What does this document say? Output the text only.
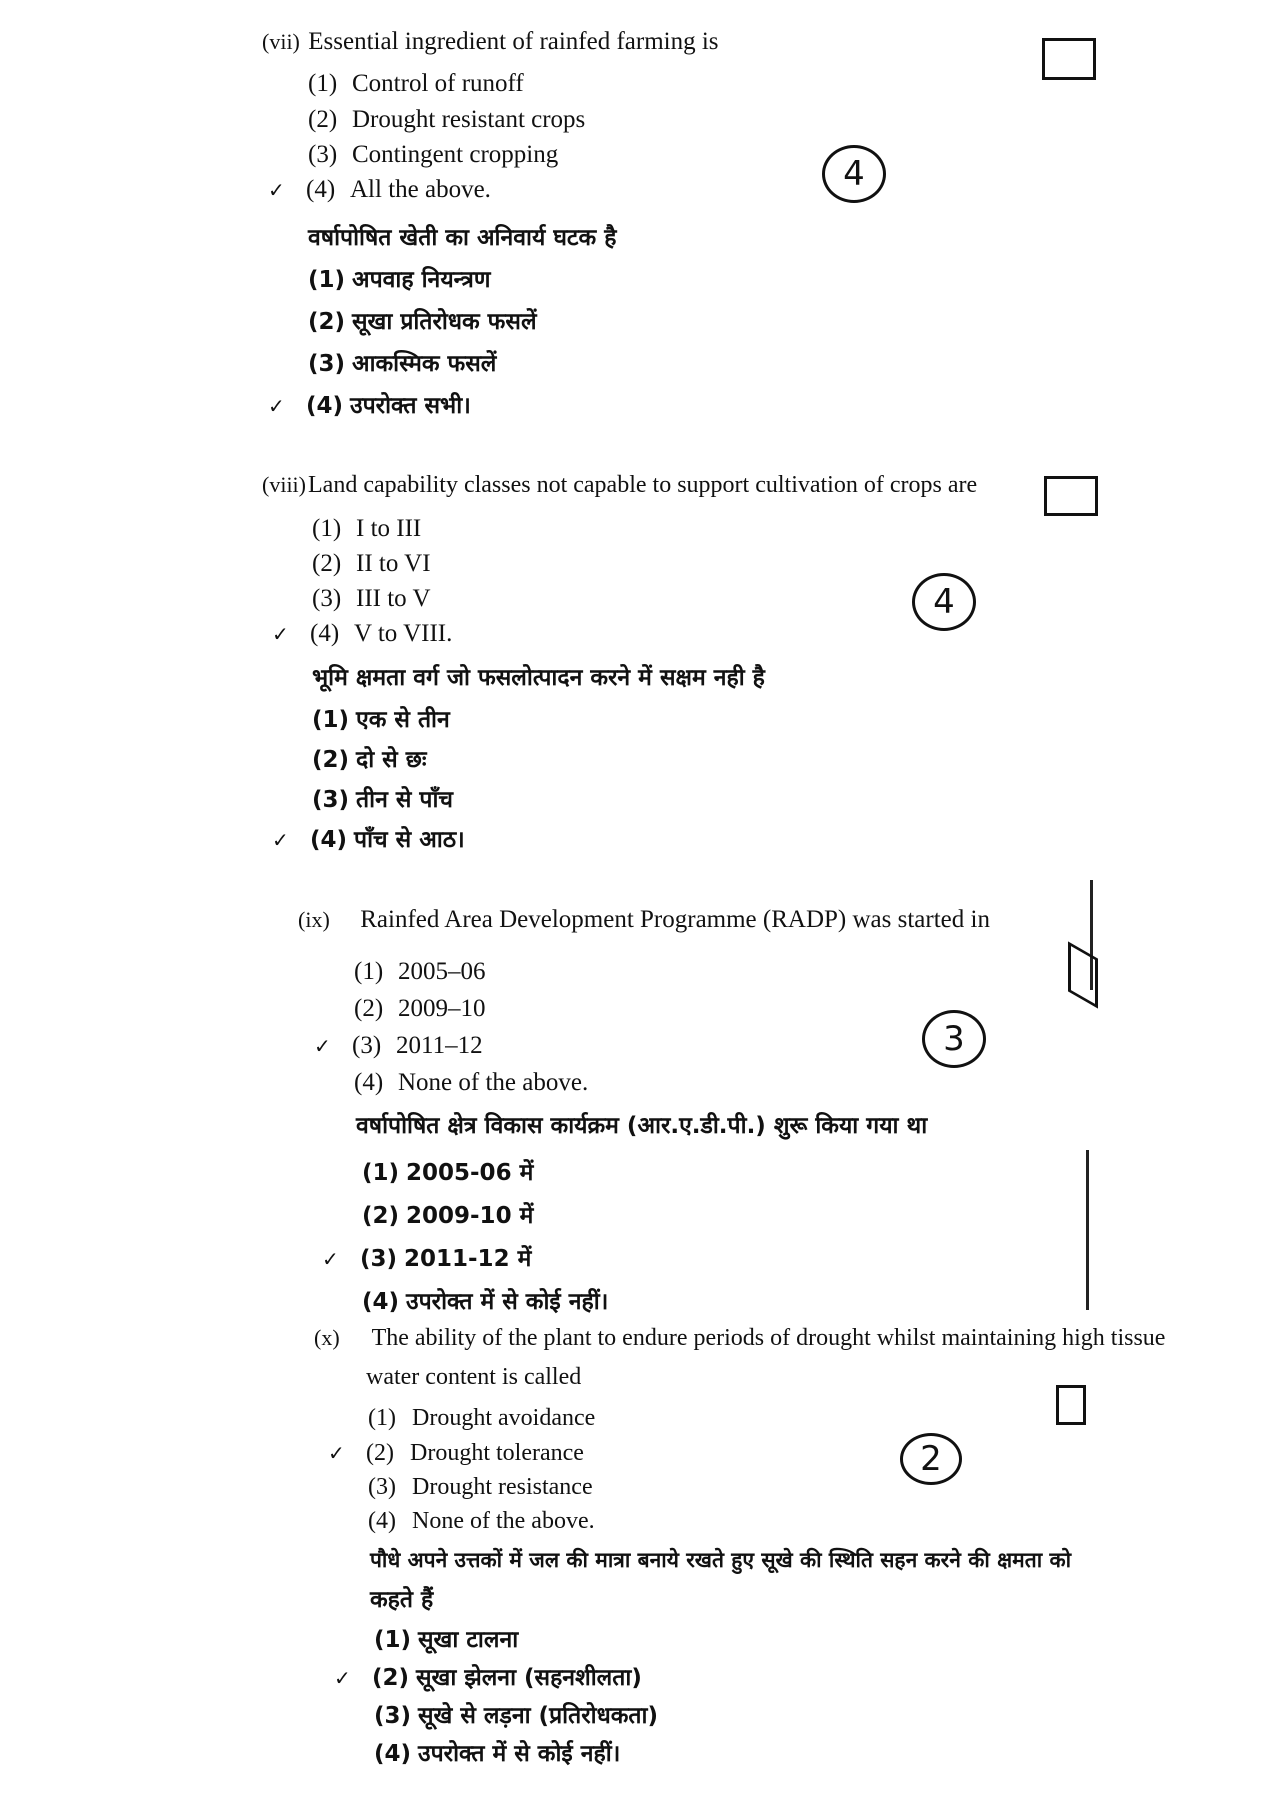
(vii) Essential ingredient of rainfed farming is
(1) Control of runoff
(2) Drought resistant crops
(3) Contingent cropping
✓ (4) All the above.	4
वर्षापोषित खेती का अनिवार्य घटक है
(1) अपवाह नियन्त्रण
(2) सूखा प्रतिरोधक फसलें
(3) आकस्मिक फसलें
✓ (4) उपरोक्त सभी।
(viii) Land capability classes not capable to support cultivation of crops are
(1) I to III
(2) II to VI
(3) III to V
✓ (4) V to VIII.
4
भूमि क्षमता वर्ग जो फसलोत्पादन करने में सक्षम नही है
(1) एक से तीन
(2) दो से छः
(3) तीन से पाँच
✓ (4) पाँच से आठ।
(ix) Rainfed Area Development Programme (RADP) was started in
(1) 2005–06
(2) 2009–10
✓ (3) 2011–12
(4) None of the above.
3
वर्षापोषित क्षेत्र विकास कार्यक्रम (आर.ए.डी.पी.) शुरू किया गया था
(1) 2005-06 में
(2) 2009-10 में
✓ (3) 2011-12 में
(4) उपरोक्त में से कोई नहीं।
(x) The ability of the plant to endure periods of drought whilst maintaining high tissue
water content is called
(1) Drought avoidance
✓ (2) Drought tolerance
(3) Drought resistance
(4) None of the above.
2
पौधे अपने उत्तकों में जल की मात्रा बनाये रखते हुए सूखे की स्थिति सहन करने की क्षमता को
कहते हैं
(1) सूखा टालना
✓ (2) सूखा झेलना (सहनशीलता)
(3) सूखे से लड़ना (प्रतिरोधकता)
(4) उपरोक्त में से कोई नहीं।
